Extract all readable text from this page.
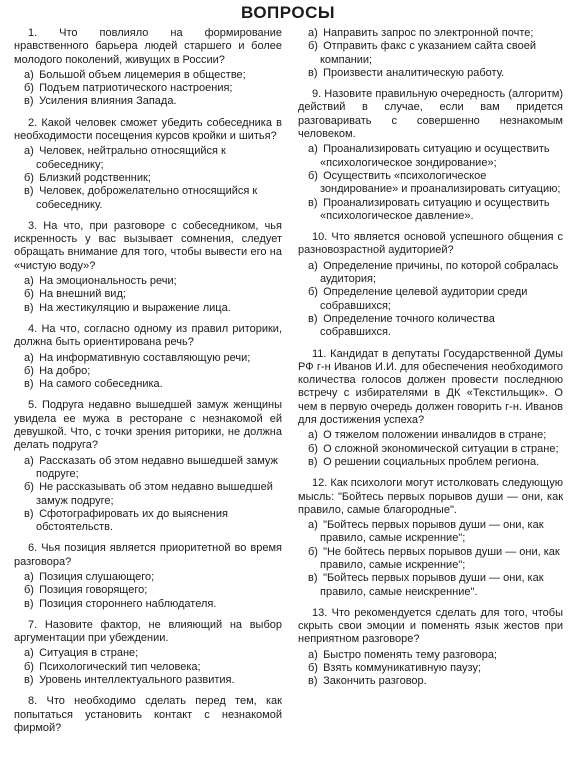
ВОПРОСЫ
1. Что повлияло на формирование нравственного барьера людей старшего и более молодого поколений, живущих в России?
а) Большой объем лицемерия в обществе;
б) Подъем патриотического настроения;
в) Усиления влияния Запада.
2. Какой человек сможет убедить собеседника в необходимости посещения курсов кройки и шитья?
а) Человек, нейтрально относящийся к собеседнику;
б) Близкий родственник;
в) Человек, доброжелательно относящийся к собеседнику.
3. На что, при разговоре с собеседником, чья искренность у вас вызывает сомнения, следует обращать внимание для того, чтобы вывести его на «чистую воду»?
а) На эмоциональность речи;
б) На внешний вид;
в) На жестикуляцию и выражение лица.
4. На что, согласно одному из правил риторики, должна быть ориентирована речь?
а) На информативную составляющую речи;
б) На добро;
в) На самого собеседника.
5. Подруга недавно вышедшей замуж женщины увидела ее мужа в ресторане с незнакомой ей девушкой. Что, с точки зрения риторики, не должна делать подруга?
а) Рассказать об этом недавно вышедшей замуж подруге;
б) Не рассказывать об этом недавно вышедшей замуж подруге;
в) Сфотографировать их до выяснения обстоятельств.
6. Чья позиция является приоритетной во время разговора?
а) Позиция слушающего;
б) Позиция говорящего;
в) Позиция стороннего наблюдателя.
7. Назовите фактор, не влияющий на выбор аргументации при убеждении.
а) Ситуация в стране;
б) Психологический тип человека;
в) Уровень интеллектуального развития.
8. Что необходимо сделать перед тем, как попытаться установить контакт с незнакомой фирмой?
а) Направить запрос по электронной почте;
б) Отправить факс с указанием сайта своей компании;
в) Произвести аналитическую работу.
9. Назовите правильную очередность (алгоритм) действий в случае, если вам придется разговаривать с совершенно незнакомым человеком.
а) Проанализировать ситуацию и осуществить «психологическое зондирование»;
б) Осуществить «психологическое зондирование» и проанализировать ситуацию;
в) Проанализировать ситуацию и осуществить «психологическое давление».
10. Что является основой успешного общения с разновозрастной аудиторией?
а) Определение причины, по которой собралась аудитория;
б) Определение целевой аудитории среди собравшихся;
в) Определение точного количества собравшихся.
11. Кандидат в депутаты Государственной Думы РФ г-н Иванов И.И. для обеспечения необходимого количества голосов должен провести последнюю встречу с избирателями в ДК «Текстильщик». О чем в первую очередь должен говорить г-н. Иванов для достижения успеха?
а) О тяжелом положении инвалидов в стране;
б) О сложной экономической ситуации в стране;
в) О решении социальных проблем региона.
12. Как психологи могут истолковать следующую мысль: "Бойтесь первых порывов души — они, как правило, самые благородные".
а) "Бойтесь первых порывов души — они, как правило, самые искренние";
б) "Не бойтесь первых порывов души — они, как правило, самые искренние";
в) "Бойтесь первых порывов души — они, как правило, самые неискренние".
13. Что рекомендуется сделать для того, чтобы скрыть свои эмоции и поменять язык жестов при неприятном разговоре?
а) Быстро поменять тему разговора;
б) Взять коммуникативную паузу;
в) Закончить разговор.
